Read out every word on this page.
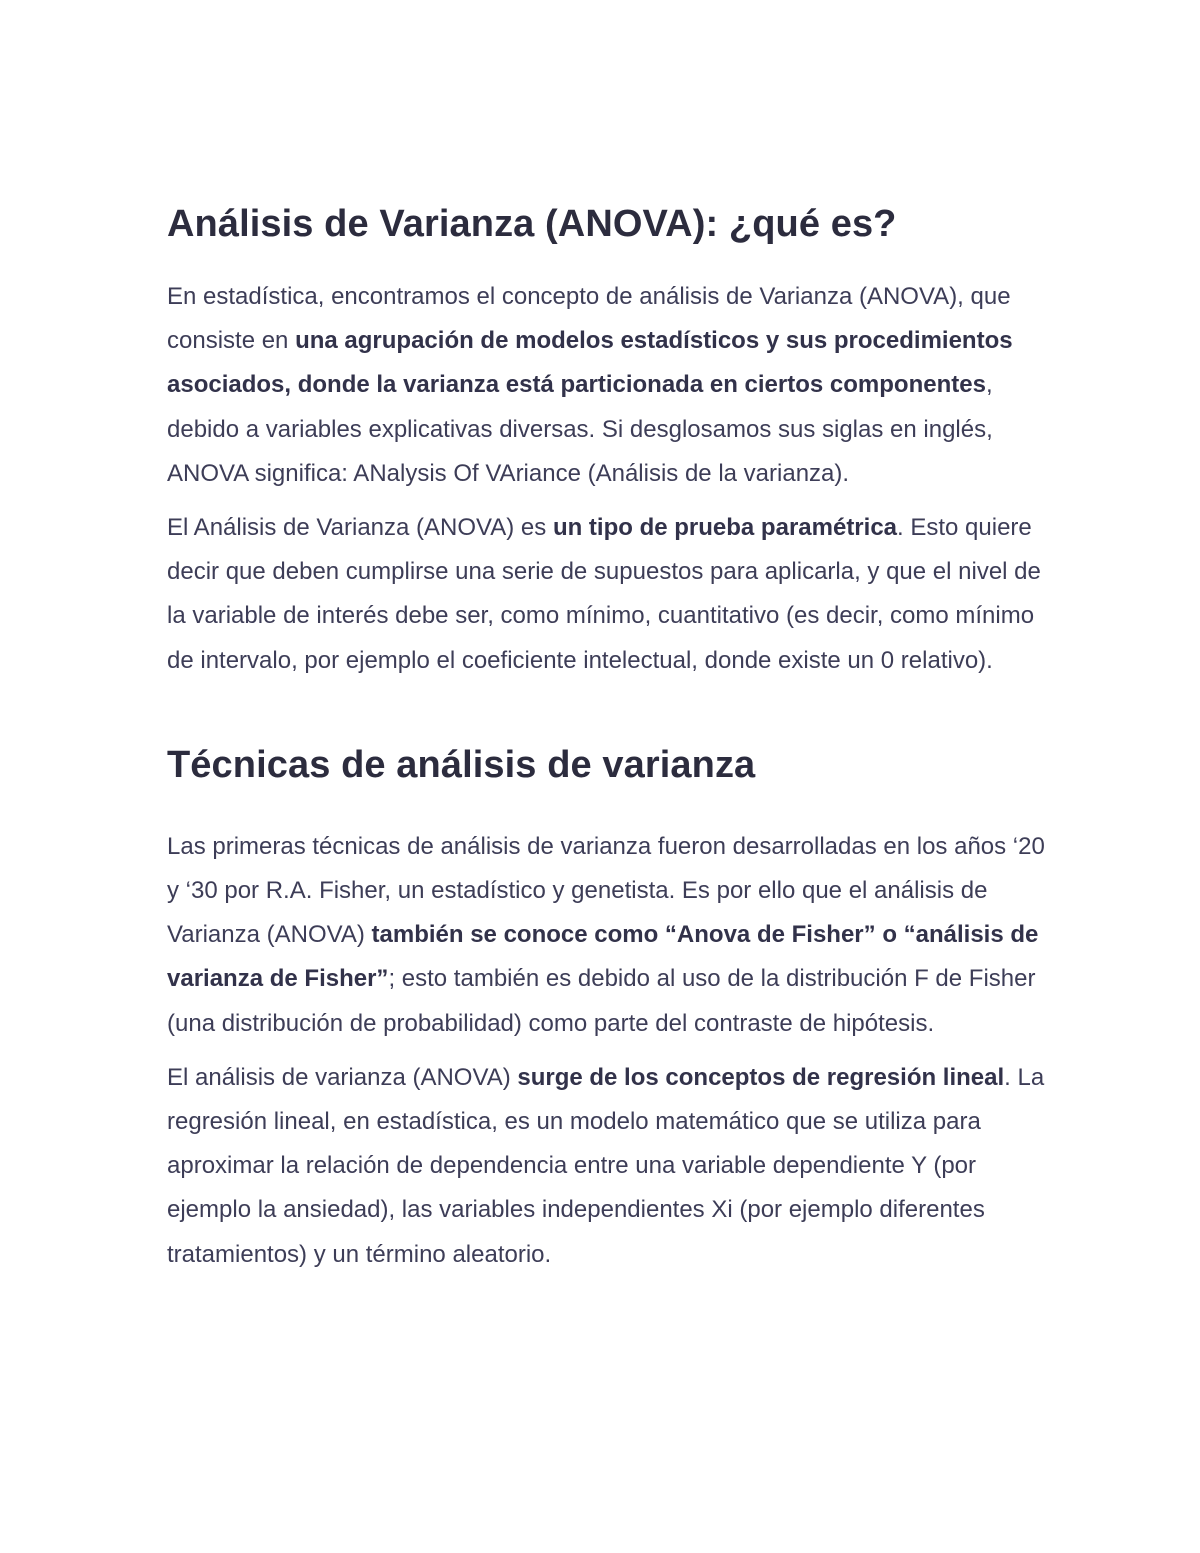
Análisis de Varianza (ANOVA): ¿qué es?

En estadística, encontramos el concepto de análisis de Varianza (ANOVA), que consiste en una agrupación de modelos estadísticos y sus procedimientos asociados, donde la varianza está particionada en ciertos componentes, debido a variables explicativas diversas. Si desglosamos sus siglas en inglés, ANOVA significa: ANalysis Of VAriance (Análisis de la varianza).

El Análisis de Varianza (ANOVA) es un tipo de prueba paramétrica. Esto quiere decir que deben cumplirse una serie de supuestos para aplicarla, y que el nivel de la variable de interés debe ser, como mínimo, cuantitativo (es decir, como mínimo de intervalo, por ejemplo el coeficiente intelectual, donde existe un 0 relativo).

Técnicas de análisis de varianza

Las primeras técnicas de análisis de varianza fueron desarrolladas en los años ‘20 y ‘30 por R.A. Fisher, un estadístico y genetista. Es por ello que el análisis de Varianza (ANOVA) también se conoce como “Anova de Fisher” o “análisis de varianza de Fisher”; esto también es debido al uso de la distribución F de Fisher (una distribución de probabilidad) como parte del contraste de hipótesis.

El análisis de varianza (ANOVA) surge de los conceptos de regresión lineal. La regresión lineal, en estadística, es un modelo matemático que se utiliza para aproximar la relación de dependencia entre una variable dependiente Y (por ejemplo la ansiedad), las variables independientes Xi (por ejemplo diferentes tratamientos) y un término aleatorio.
